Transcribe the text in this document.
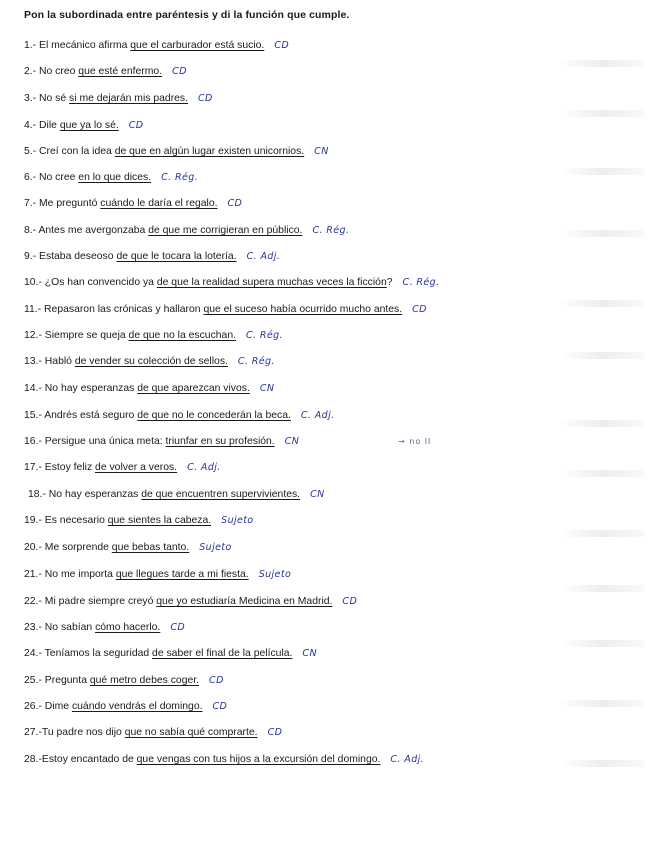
Pon la subordinada entre paréntesis y di la función que cumple.
1.- El mecánico afirma que el carburador está sucio. CD
2.- No creo que esté enfermo. CD
3.- No sé si me dejarán mis padres. CD
4.- Dile que ya lo sé. CD
5.- Creí con la idea de que en algún lugar existen unicornios. CN
6.- No cree en lo que dices. C. Rég.
7.- Me preguntó cuándo le daría el regalo. CD
8.- Antes me avergonzaba de que me corrigieran en público. C. Rég.
9.- Estaba deseoso de que le tocara la lotería. C. Adj.
10.- ¿Os han convencido ya de que la realidad supera muchas veces la ficción? C. Rég.
11.- Repasaron las crónicas y hallaron que el suceso había ocurrido mucho antes. CD
12.- Siempre se queja de que no la escuchan. C. Rég.
13.- Habló de vender su colección de sellos. C. Rég.
14.- No hay esperanzas de que aparezcan vivos. CN
15.- Andrés está seguro de que no le concederán la beca. C. Adj.
16.- Persigue una única meta: triunfar en su profesión. CN
17.- Estoy feliz de volver a veros. C. Adj.
18.- No hay esperanzas de que encuentren supervivientes. CN
19.- Es necesario que sientes la cabeza. Sujeto
20.- Me sorprende que bebas tanto. Sujeto
21.- No me importa que llegues tarde a mi fiesta. Sujeto
22.- Mi padre siempre creyó que yo estudiaría Medicina en Madrid. CD
23.- No sabían cómo hacerlo. CD
24.- Teníamos la seguridad de saber el final de la película. CN
25.- Pregunta qué metro debes coger. CD
26.- Dime cuándo vendrás el domingo. CD
27.-Tu padre nos dijo que no sabía qué comprarte. CD
28.-Estoy encantado de que vengas con tus hijos a la excursión del domingo. C. Adj.
→ no ll
